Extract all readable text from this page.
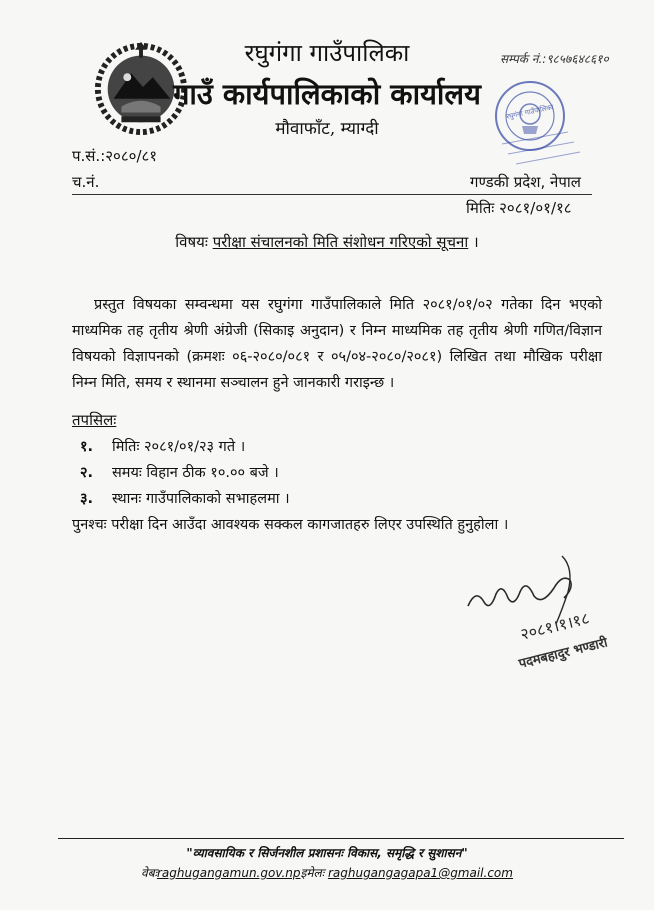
रघुगंगा गाउँपालिका
गाउँ कार्यपालिकाको कार्यालय
मौवाफाँट, म्याग्दी
सम्पर्क नं.:९८५७६४८६१०
रघुगंगा गाउँपालिका
प.सं.:२०८०/८१
च.नं.	गण्डकी प्रदेश, नेपाल
मितिः २०८१/०१/१८
विषयः परीक्षा संचालनको मिति संशोधन गरिएको सूचना ।
प्रस्तुत विषयका सम्वन्धमा यस रघुगंगा गाउँपालिकाले मिति २०८१/०१/०२ गतेका दिन भएको माध्यमिक तह तृतीय श्रेणी अंग्रेजी (सिकाइ अनुदान) र निम्न माध्यमिक तह तृतीय श्रेणी गणित/विज्ञान विषयको विज्ञापनको (क्रमशः ०६-२०८०/०८१ र ०५/०४-२०८०/२०८१) लिखित तथा मौखिक परीक्षा निम्न मिति, समय र स्थानमा सञ्चालन हुने जानकारी गराइन्छ ।
तपसिलः
१. मितिः २०८१/०१/२३ गते ।
२. समयः विहान ठीक १०.०० बजे ।
३. स्थानः गाउँपालिकाको सभाहलमा ।
पुनश्चः परीक्षा दिन आउँदा आवश्यक सक्कल कागजातहरु लिएर उपस्थिति हुनुहोला ।
२०८१।१।१८
पदमबहादुर भण्डारी
"व्यावसायिक र सिर्जनशील प्रशासनः विकास, समृद्धि र सुशासन"
वेबःraghugangamun.gov.npइमेलः raghugangagapa1@gmail.com
